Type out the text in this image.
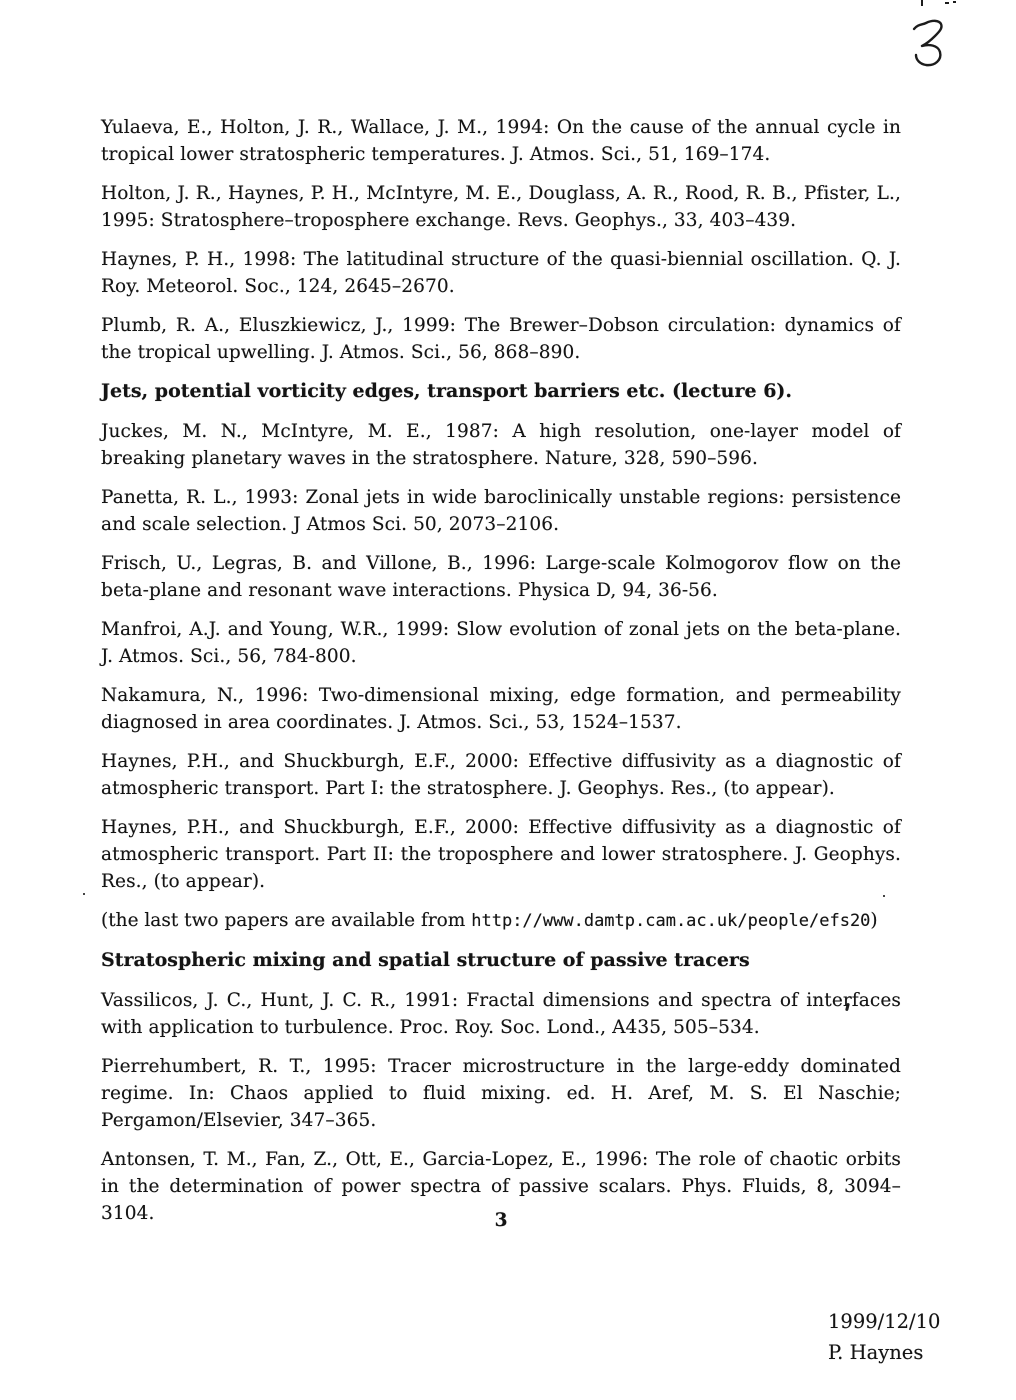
Yulaeva, E., Holton, J. R., Wallace, J. M., 1994: On the cause of the annual cycle in tropical lower stratospheric temperatures. J. Atmos. Sci., 51, 169–174.

Holton, J. R., Haynes, P. H., McIntyre, M. E., Douglass, A. R., Rood, R. B., Pfister, L., 1995: Stratosphere–troposphere exchange. Revs. Geophys., 33, 403–439.

Haynes, P. H., 1998: The latitudinal structure of the quasi-biennial oscillation. Q. J. Roy. Meteorol. Soc., 124, 2645–2670.

Plumb, R. A., Eluszkiewicz, J., 1999: The Brewer–Dobson circulation: dynamics of the tropical upwelling. J. Atmos. Sci., 56, 868–890.

Jets, potential vorticity edges, transport barriers etc. (lecture 6).

Juckes, M. N., McIntyre, M. E., 1987: A high resolution, one-layer model of breaking planetary waves in the stratosphere. Nature, 328, 590–596.

Panetta, R. L., 1993: Zonal jets in wide baroclinically unstable regions: persistence and scale selection. J Atmos Sci. 50, 2073–2106.

Frisch, U., Legras, B. and Villone, B., 1996: Large-scale Kolmogorov flow on the beta-plane and resonant wave interactions. Physica D, 94, 36-56.

Manfroi, A.J. and Young, W.R., 1999: Slow evolution of zonal jets on the beta-plane. J. Atmos. Sci., 56, 784-800.

Nakamura, N., 1996: Two-dimensional mixing, edge formation, and permeability diagnosed in area coordinates. J. Atmos. Sci., 53, 1524–1537.

Haynes, P.H., and Shuckburgh, E.F., 2000: Effective diffusivity as a diagnostic of atmospheric transport. Part I: the stratosphere. J. Geophys. Res., (to appear).

Haynes, P.H., and Shuckburgh, E.F., 2000: Effective diffusivity as a diagnostic of atmospheric transport. Part II: the troposphere and lower stratosphere. J. Geophys. Res., (to appear).

(the last two papers are available from http://www.damtp.cam.ac.uk/people/efs20)

Stratospheric mixing and spatial structure of passive tracers

Vassilicos, J. C., Hunt, J. C. R., 1991: Fractal dimensions and spectra of interfaces with application to turbulence. Proc. Roy. Soc. Lond., A435, 505–534.

Pierrehumbert, R. T., 1995: Tracer microstructure in the large-eddy dominated regime. In: Chaos applied to fluid mixing. ed. H. Aref, M. S. El Naschie; Pergamon/Elsevier, 347–365.

Antonsen, T. M., Fan, Z., Ott, E., Garcia-Lopez, E., 1996: The role of chaotic orbits in the determination of power spectra of passive scalars. Phys. Fluids, 8, 3094–3104.	3
1999/12/10
P. Haynes
